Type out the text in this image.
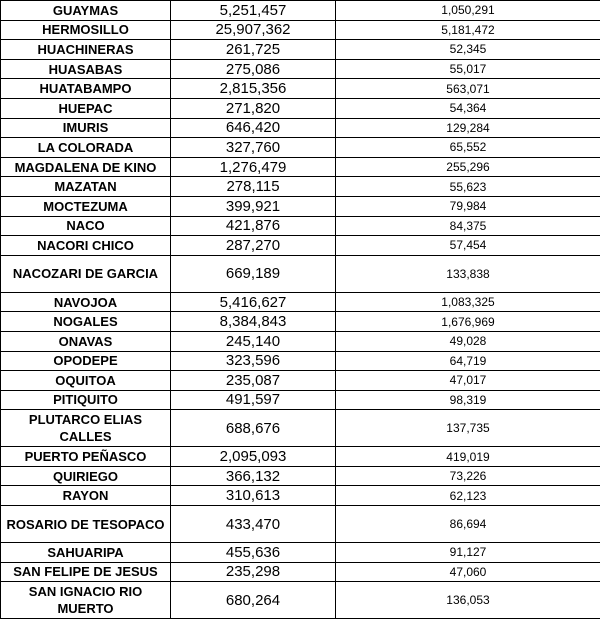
GUAYMAS	5,251,457	1,050,291
HERMOSILLO	25,907,362	5,181,472
HUACHINERAS	261,725	52,345
HUASABAS	275,086	55,017
HUATABAMPO	2,815,356	563,071
HUEPAC	271,820	54,364
IMURIS	646,420	129,284
LA COLORADA	327,760	65,552
MAGDALENA DE KINO	1,276,479	255,296
MAZATAN	278,115	55,623
MOCTEZUMA	399,921	79,984
NACO	421,876	84,375
NACORI CHICO	287,270	57,454
NACOZARI DE GARCIA	669,189	133,838
NAVOJOA	5,416,627	1,083,325
NOGALES	8,384,843	1,676,969
ONAVAS	245,140	49,028
OPODEPE	323,596	64,719
OQUITOA	235,087	47,017
PITIQUITO	491,597	98,319
PLUTARCO ELIAS CALLES	688,676	137,735
PUERTO PEÑASCO	2,095,093	419,019
QUIRIEGO	366,132	73,226
RAYON	310,613	62,123
ROSARIO DE TESOPACO	433,470	86,694
SAHUARIPA	455,636	91,127
SAN FELIPE DE JESUS	235,298	47,060
SAN IGNACIO RIO MUERTO	680,264	136,053
